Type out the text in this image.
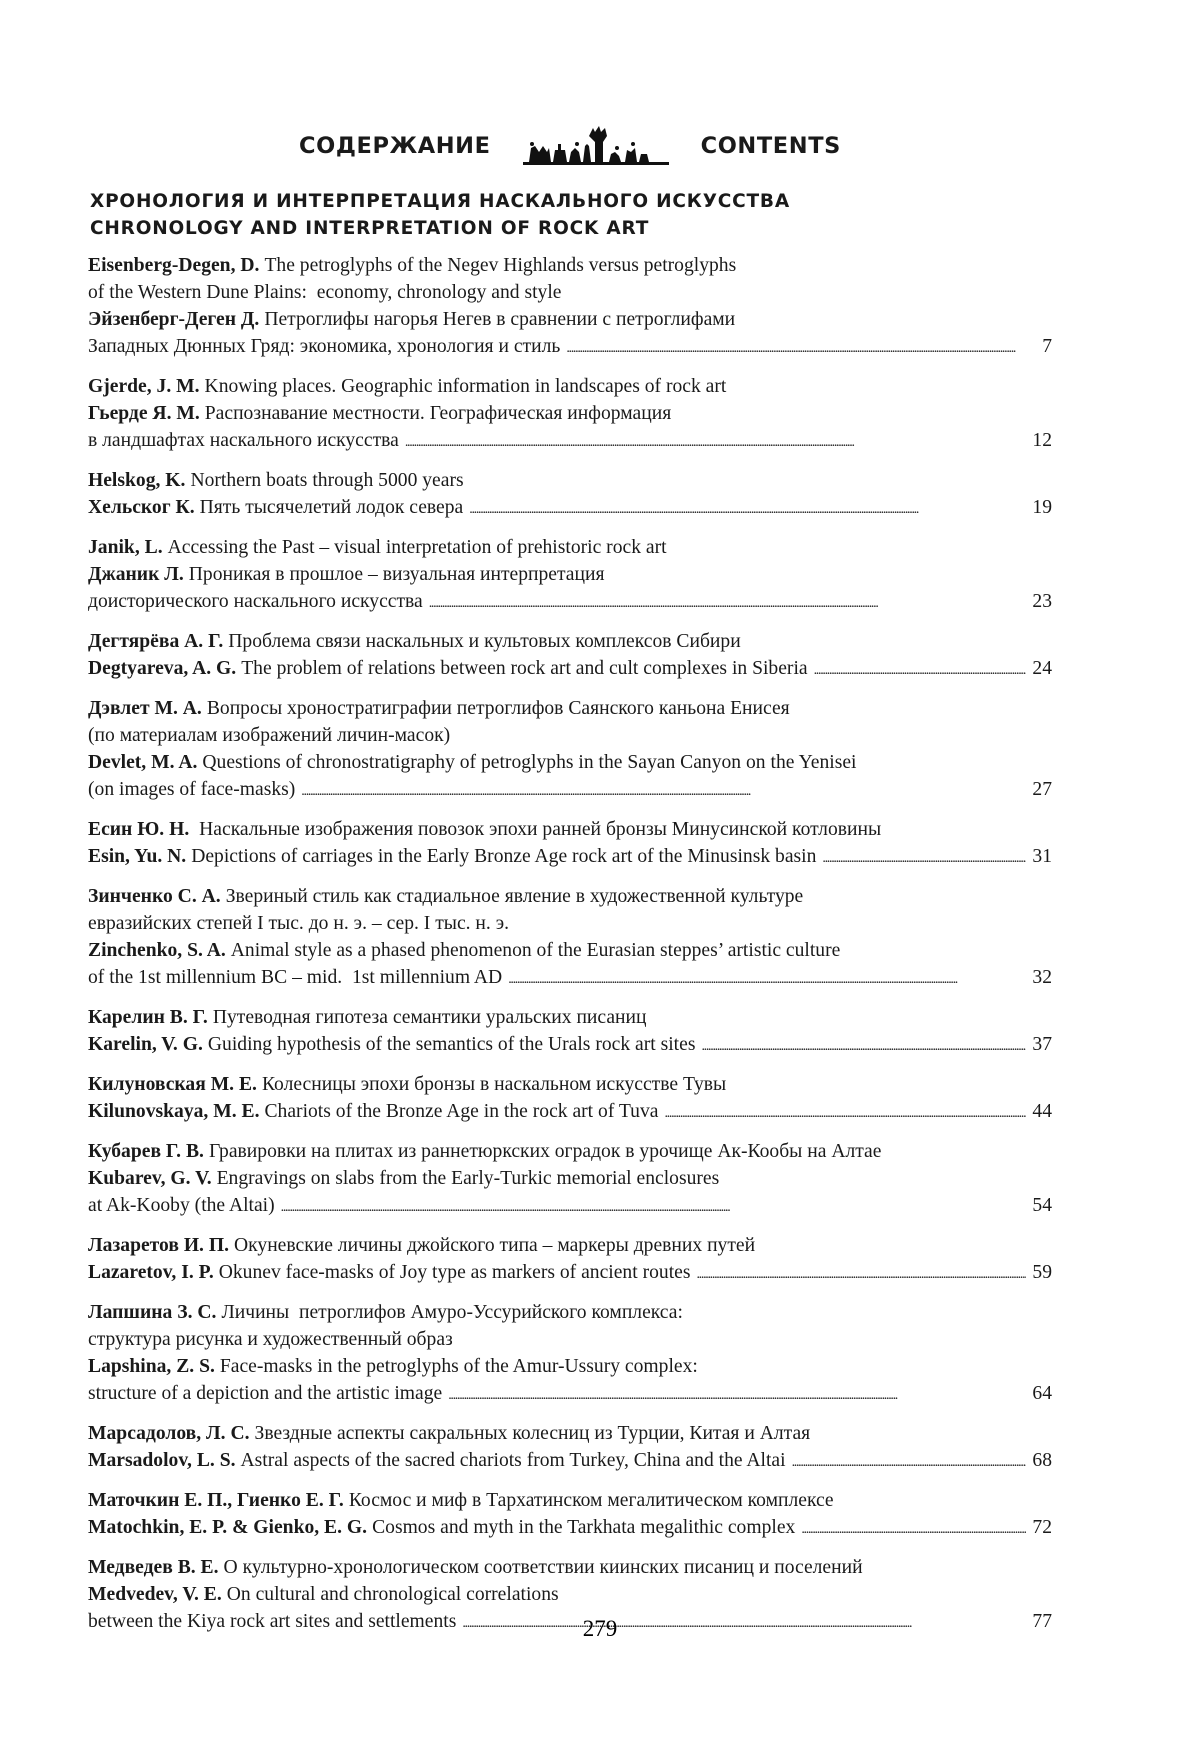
СОДЕРЖАНИЕ	CONTENTS
ХРОНОЛОГИЯ И ИНТЕРПРЕТАЦИЯ НАСКАЛЬНОГО ИСКУССТВА
CHRONOLOGY AND INTERPRETATION OF ROCK ART
Eisenberg-Degen, D. The petroglyphs of the Negev Highlands versus petroglyphs
of the Western Dune Plains:  economy, chronology and style
Эйзенберг-Деген Д. Петроглифы нагорья Негев в сравнении с петроглифами
Западных Дюнных Гряд: экономика, хронология и стиль . . .	7
Gjerde, J. M. Knowing places. Geographic information in landscapes of rock art
Гьерде Я. М. Распознавание местности. Географическая информация
в ландшафтах наскального искусства . . .	12
Helskog, K. Northern boats through 5000 years
Хельског К. Пять тысячелетий лодок севера . . .	19
Janik, L. Accessing the Past – visual interpretation of prehistoric rock art
Джаник Л. Проникая в прошлое – визуальная интерпретация
доисторического наскального искусства . . .	23
Дегтярёва А. Г. Проблема связи наскальных и культовых комплексов Сибири
Degtyareva, A. G. The problem of relations between rock art and cult complexes in Siberia . . .	24
Дэвлет М. А. Вопросы хроностратиграфии петроглифов Саянского каньона Енисея
(по материалам изображений личин-масок)
Devlet, M. A. Questions of chronostratigraphy of petroglyphs in the Sayan Canyon on the Yenisei
(on images of face-masks) . . .	27
Есин Ю. Н. Наскальные изображения повозок эпохи ранней бронзы Минусинской котловины
Esin, Yu. N. Depictions of carriages in the Early Bronze Age rock art of the Minusinsk basin . . .	31
Зинченко С. А. Звериный стиль как стадиальное явление в художественной культуре
евразийских степей I тыс. до н. э. – сер. I тыс. н. э.
Zinchenko, S. A. Animal style as a phased phenomenon of the Eurasian steppes’ artistic culture
of the 1st millennium BC – mid.  1st millennium AD . . .	32
Карелин В. Г. Путеводная гипотеза семантики уральских писаниц
Karelin, V. G. Guiding hypothesis of the semantics of the Urals rock art sites . . .	37
Килуновская М. Е. Колесницы эпохи бронзы в наскальном искусстве Тувы
Kilunovskaya, M. E. Chariots of the Bronze Age in the rock art of Tuva . . .	44
Кубарев Г. В. Гравировки на плитах из раннетюркских оградок в урочище Ак-Кообы на Алтае
Kubarev, G. V. Engravings on slabs from the Early-Turkic memorial enclosures
at Ak-Kooby (the Altai) . . .	54
Лазаретов И. П. Окуневские личины джойского типа – маркеры древних путей
Lazaretov, I. P. Okunev face-masks of Joy type as markers of ancient routes . . .	59
Лапшина З. С. Личины  петроглифов Амуро-Уссурийского комплекса:
структура рисунка и художественный образ
Lapshina, Z. S. Face-masks in the petroglyphs of the Amur-Ussury complex:
structure of a depiction and the artistic image . . .	64
Марсадолов, Л. С. Звездные аспекты сакральных колесниц из Турции, Китая и Алтая
Marsadolov, L. S. Astral aspects of the sacred chariots from Turkey, China and the Altai . . .	68
Маточкин Е. П., Гиенко Е. Г. Космос и миф в Тархатинском мегалитическом комплексе
Matochkin, E. P. & Gienko, E. G. Cosmos and myth in the Tarkhata megalithic complex . . .	72
Медведев В. Е. О культурно-хронологическом соответствии киинских писаниц и поселений
Medvedev, V. E. On cultural and chronological correlations
between the Kiya rock art sites and settlements . . .	77
279
